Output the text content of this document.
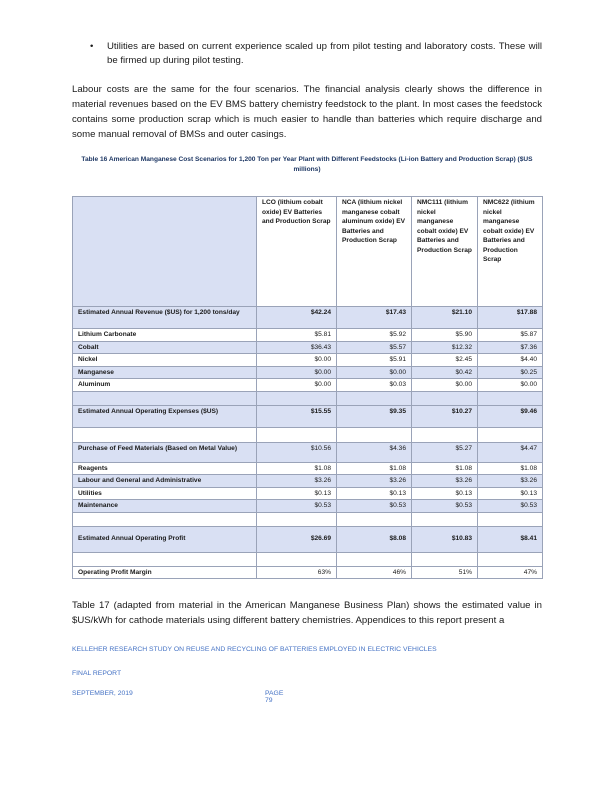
• Utilities are based on current experience scaled up from pilot testing and laboratory costs. These will be firmed up during pilot testing.
Labour costs are the same for the four scenarios. The financial analysis clearly shows the difference in material revenues based on the EV BMS battery chemistry feedstock to the plant. In most cases the feedstock contains some production scrap which is much easier to handle than batteries which require discharge and some manual removal of BMSs and outer casings.
Table 16 American Manganese Cost Scenarios for 1,200 Ton per Year Plant with Different Feedstocks (Li-ion Battery and Production Scrap) ($US millions)
	LCO (lithium cobalt oxide) EV Batteries and Production Scrap	NCA (lithium nickel manganese cobalt aluminum oxide) EV Batteries and Production Scrap	NMC111 (lithium nickel manganese cobalt oxide) EV Batteries and Production Scrap	NMC622 (lithium nickel manganese cobalt oxide) EV Batteries and Production Scrap
Estimated Annual Revenue ($US) for 1,200 tons/day	$42.24	$17.43	$21.10	$17.88
Lithium Carbonate	$5.81	$5.92	$5.90	$5.87
Cobalt	$36.43	$5.57	$12.32	$7.36
Nickel	$0.00	$5.91	$2.45	$4.40
Manganese	$0.00	$0.00	$0.42	$0.25
Aluminum	$0.00	$0.03	$0.00	$0.00

Estimated Annual Operating Expenses ($US)	$15.55	$9.35	$10.27	$9.46

Purchase of Feed Materials (Based on Metal Value)	$10.56	$4.36	$5.27	$4.47
Reagents	$1.08	$1.08	$1.08	$1.08
Labour and General and Administrative	$3.26	$3.26	$3.26	$3.26
Utilities	$0.13	$0.13	$0.13	$0.13
Maintenance	$0.53	$0.53	$0.53	$0.53

Estimated Annual Operating Profit	$26.69	$8.08	$10.83	$8.41

Operating Profit Margin	63%	46%	51%	47%
Table 17 (adapted from material in the American Manganese Business Plan) shows the estimated value in $US/kWh for cathode materials using different battery chemistries. Appendices to this report present a
KELLEHER RESEARCH STUDY ON REUSE AND RECYCLING OF BATTERIES EMPLOYED IN ELECTRIC VEHICLES
FINAL REPORT
SEPTEMBER, 2019	PAGE 79
